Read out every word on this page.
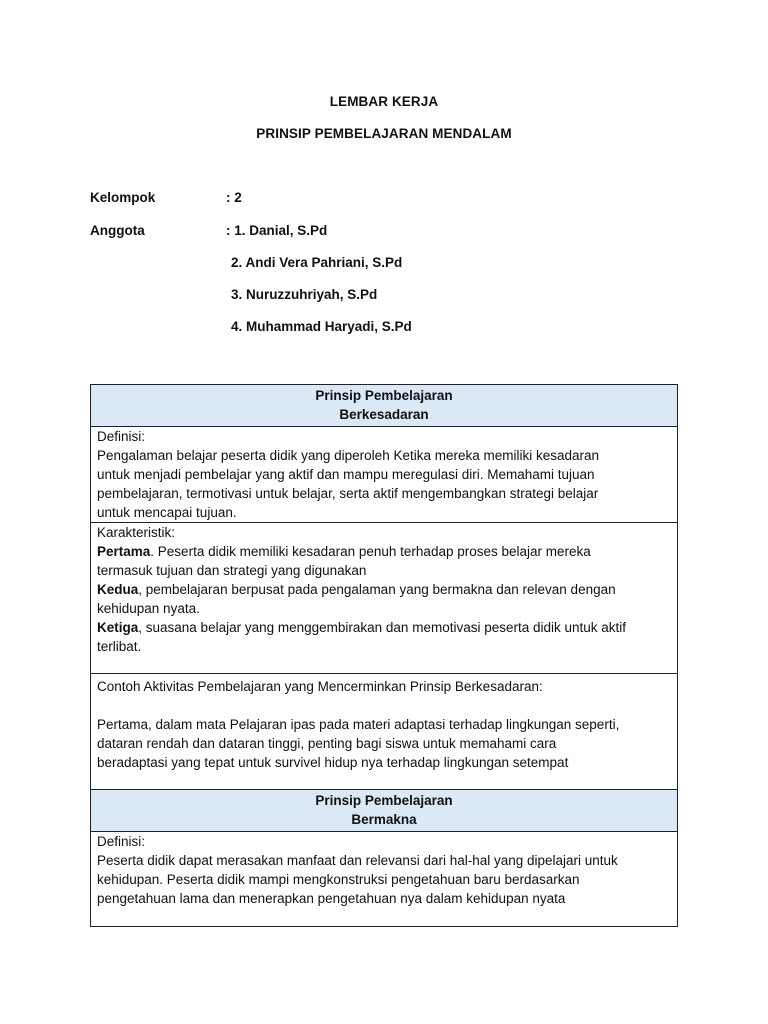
LEMBAR KERJA
PRINSIP PEMBELAJARAN MENDALAM
Kelompok	: 2
Anggota	: 1. Danial, S.Pd
2. Andi Vera Pahriani, S.Pd
3. Nuruzzuhriyah, S.Pd
4. Muhammad Haryadi, S.Pd
Prinsip Pembelajaran
Berkesadaran

Definisi:
Pengalaman belajar peserta didik yang diperoleh Ketika mereka memiliki kesadaran
untuk menjadi pembelajar yang aktif dan mampu meregulasi diri. Memahami tujuan
pembelajaran, termotivasi untuk belajar, serta aktif mengembangkan strategi belajar
untuk mencapai tujuan.

Karakteristik:
Pertama. Peserta didik memiliki kesadaran penuh terhadap proses belajar mereka
termasuk tujuan dan strategi yang digunakan
Kedua, pembelajaran berpusat pada pengalaman yang bermakna dan relevan dengan
kehidupan nyata.
Ketiga, suasana belajar yang menggembirakan dan memotivasi peserta didik untuk aktif
terlibat.

Contoh Aktivitas Pembelajaran yang Mencerminkan Prinsip Berkesadaran:
Pertama, dalam mata Pelajaran ipas pada materi adaptasi terhadap lingkungan seperti,
dataran rendah dan dataran tinggi, penting bagi siswa untuk memahami cara
beradaptasi yang tepat untuk survivel hidup nya terhadap lingkungan setempat

Prinsip Pembelajaran
Bermakna

Definisi:
Peserta didik dapat merasakan manfaat dan relevansi dari hal-hal yang dipelajari untuk
kehidupan. Peserta didik mampi mengkonstruksi pengetahuan baru berdasarkan
pengetahuan lama dan menerapkan pengetahuan nya dalam kehidupan nyata
